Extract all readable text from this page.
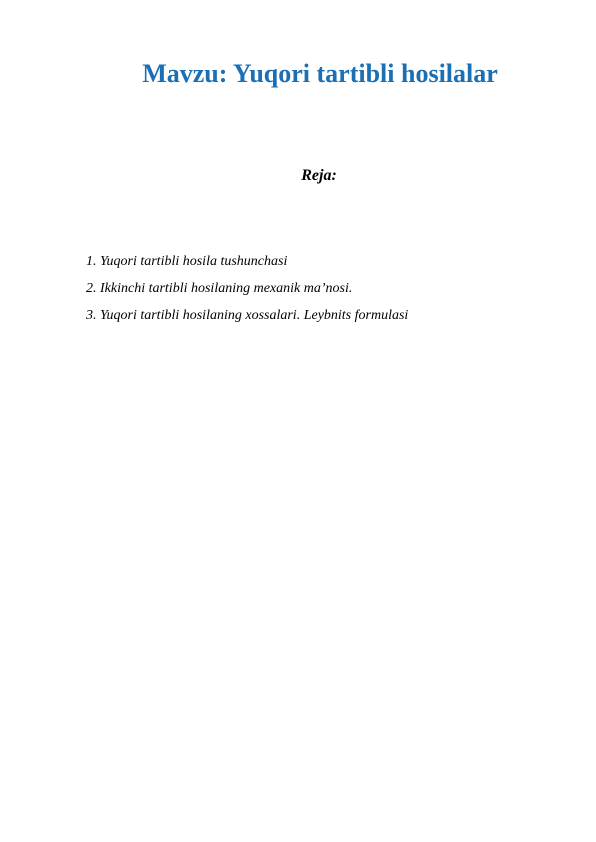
Mavzu: Yuqori tartibli hosilalar

Reja:

1. Yuqori tartibli hosila tushunchasi
2. Ikkinchi tartibli hosilaning mexanik ma’nosi.
3. Yuqori tartibli hosilaning xossalari. Leybnits formulasi
